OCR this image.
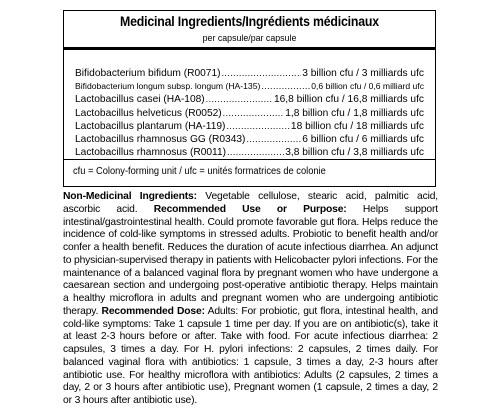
Medicinal Ingredients/Ingrédients médicinaux
per capsule/par capsule
Bifidobacterium bifidum (R0071) .....	3 billion cfu / 3 milliards ufc
Bifidobacterium longum subsp. longum (HA-135) .....	0,6 billion cfu / 0,6 milliard ufc
Lactobacillus casei (HA-108) .....	16,8 billion cfu / 16,8 milliards ufc
Lactobacillus helveticus (R0052) .....	1,8 billion cfu / 1,8 milliards ufc
Lactobacillus plantarum (HA-119) .....	18 billion cfu / 18 milliards ufc
Lactobacillus rhamnosus GG (R0343) .....	6 billion cfu / 6 milliards ufc
Lactobacillus rhamnosus (R0011) .....	3,8 billion cfu / 3,8 milliards ufc
cfu = Colony-forming unit / ufc = unités formatrices de colonie
Non-Medicinal Ingredients: Vegetable cellulose, stearic acid, palmitic acid, ascorbic acid. Recommended Use or Purpose: Helps support intestinal/gastrointestinal health. Could promote favorable gut flora. Helps reduce the incidence of cold-like symptoms in stressed adults. Probiotic to benefit health and/or confer a health benefit. Reduces the duration of acute infectious diarrhea. An adjunct to physician-supervised therapy in patients with Helicobacter pylori infections. For the maintenance of a balanced vaginal flora by pregnant women who have undergone a caesarean section and undergoing post-operative antibiotic therapy. Helps maintain a healthy microflora in adults and pregnant women who are undergoing antibiotic therapy. Recommended Dose: Adults: For probiotic, gut flora, intestinal health, and cold-like symptoms: Take 1 capsule 1 time per day. If you are on antibiotic(s), take it at least 2-3 hours before or after. Take with food. For acute infectious diarrhea: 2 capsules, 3 times a day. For H. pylori infections: 2 capsules, 2 times daily. For balanced vaginal flora with antibiotics: 1 capsule, 3 times a day, 2-3 hours after antibiotic use. For healthy microflora with antibiotics: Adults (2 capsules, 2 times a day, 2 or 3 hours after antibiotic use), Pregnant women (1 capsule, 2 times a day, 2 or 3 hours after antibiotic use).
